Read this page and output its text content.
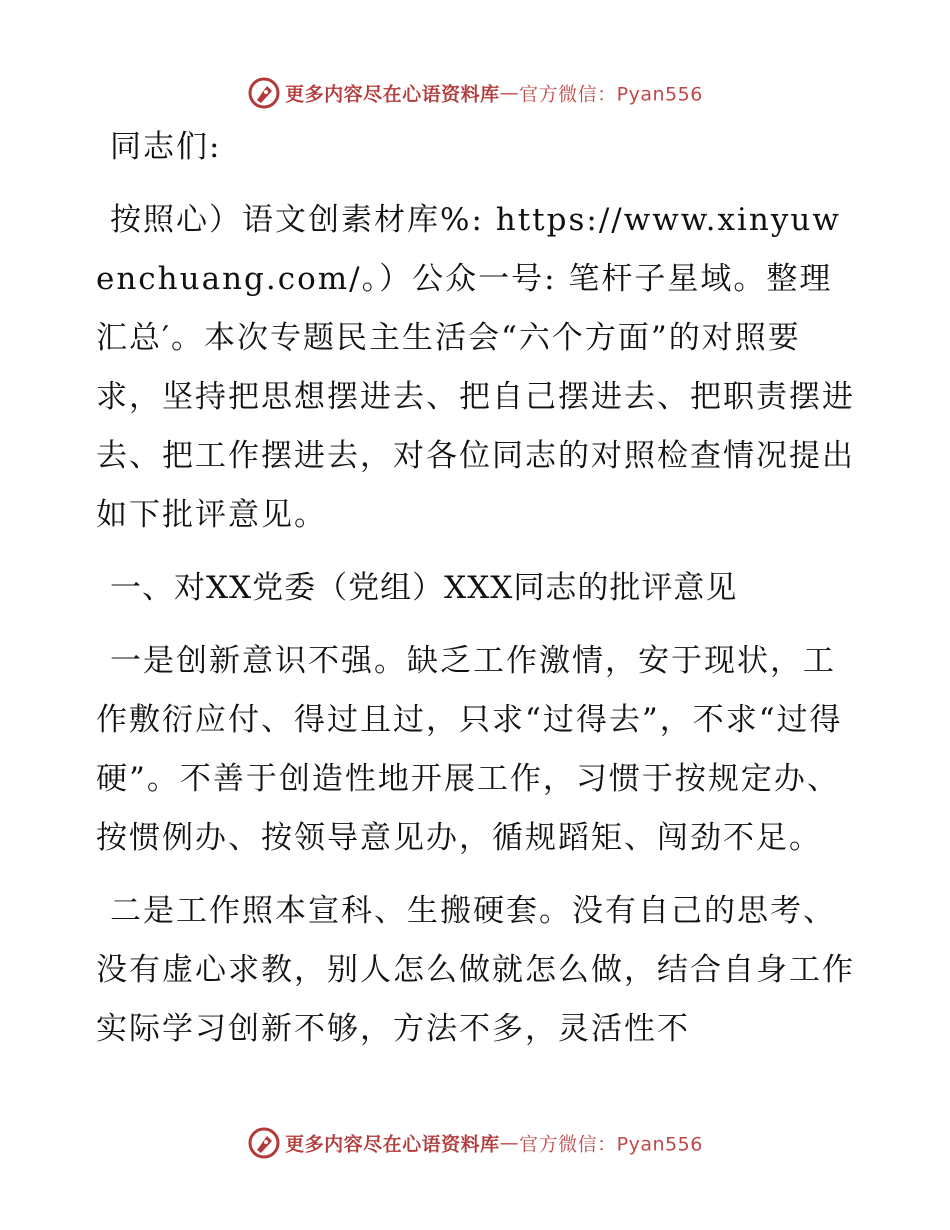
更多内容尽在心语资料库—官方微信：Pyan556

同志们:

按照心）语文创素材库%: https://www.xinyuwenchuang.com/。）公众一号: 笔杆子星域。整理汇总′。本次专题民主生活会“六个方面”的对照要求，坚持把思想摆进去、把自己摆进去、把职责摆进去、把工作摆进去，对各位同志的对照检查情况提出如下批评意见。

一、对XX党委（党组）XXX同志的批评意见

一是创新意识不强。缺乏工作激情，安于现状，工作敷衍应付、得过且过，只求“过得去”，不求“过得硬”。不善于创造性地开展工作，习惯于按规定办、按惯例办、按领导意见办，循规蹈矩、闯劲不足。

二是工作照本宣科、生搬硬套。没有自己的思考、没有虚心求教，别人怎么做就怎么做，结合自身工作实际学习创新不够，方法不多，灵活性不

更多内容尽在心语资料库—官方微信：Pyan556
